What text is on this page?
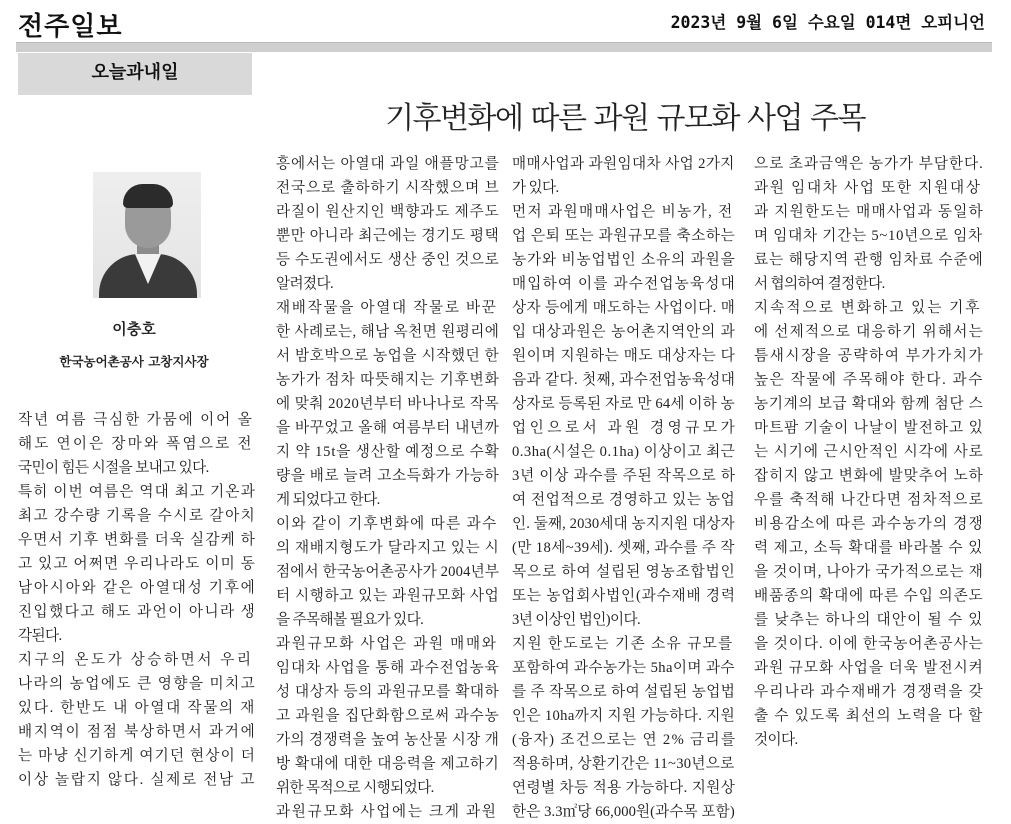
전주일보	2023년 9월 6일 수요일 014면 오피니언
오늘과내일
기후변화에 따른 과원 규모화 사업 주목
이충호
한국농어촌공사 고창지사장

작년 여름 극심한 가뭄에 이어 올

해도 연이은 장마와 폭염으로 전

국민이 힘든 시절을 보내고 있다.

특히 이번 여름은 역대 최고 기온과

최고 강수량 기록을 수시로 갈아치

우면서 기후 변화를 더욱 실감케 하

고 있고 어쩌면 우리나라도 이미 동

남아시아와 같은 아열대성 기후에

진입했다고 해도 과언이 아니라 생

각된다.

지구의 온도가 상승하면서 우리

나라의 농업에도 큰 영향을 미치고

있다. 한반도 내 아열대 작물의 재

배지역이 점점 북상하면서 과거에

는 마냥 신기하게 여기던 현상이 더

이상 놀랍지 않다. 실제로 전남 고

흥에서는 아열대 과일 애플망고를

전국으로 출하하기 시작했으며 브

라질이 원산지인 백향과도 제주도

뿐만 아니라 최근에는 경기도 평택

등 수도권에서도 생산 중인 것으로

알려졌다.

재배작물을 아열대 작물로 바꾼

한 사례로는, 해남 옥천면 원평리에

서 밤호박으로 농업을 시작했던 한

농가가 점차 따뜻해지는 기후변화

에 맞춰 2020년부터 바나나로 작목

을 바꾸었고 올해 여름부터 내년까

지 약 15t을 생산할 예정으로 수확

량을 배로 늘려 고소득화가 가능하

게 되었다고 한다.

이와 같이 기후변화에 따른 과수

의 재배지형도가 달라지고 있는 시

점에서 한국농어촌공사가 2004년부

터 시행하고 있는 과원규모화 사업

을 주목해볼 필요가 있다.

과원규모화 사업은 과원 매매와

임대차 사업을 통해 과수전업농육

성 대상자 등의 과원규모를 확대하

고 과원을 집단화함으로써 과수농

가의 경쟁력을 높여 농산물 시장 개

방 확대에 대한 대응력을 제고하기

위한 목적으로 시행되었다.

과원규모화 사업에는 크게 과원

매매사업과 과원임대차 사업 2가지

가 있다.

먼저 과원매매사업은 비농가, 전

업 은퇴 또는 과원규모를 축소하는

농가와 비농업법인 소유의 과원을

매입하여 이를 과수전업농육성대

상자 등에게 매도하는 사업이다. 매

입 대상과원은 농어촌지역안의 과

원이며 지원하는 매도 대상자는 다

음과 같다. 첫째, 과수전업농육성대

상자로 등록된 자로 만 64세 이하 농

업인으로서 과원 경영규모가

0.3ha(시설은 0.1ha) 이상이고 최근

3년 이상 과수를 주된 작목으로 하

여 전업적으로 경영하고 있는 농업

인. 둘째, 2030세대 농지지원 대상자

(만 18세~39세). 셋째, 과수를 주 작

목으로 하여 설립된 영농조합법인

또는 농업회사법인(과수재배 경력

3년 이상인 법인)이다.

지원 한도로는 기존 소유 규모를

포함하여 과수농가는 5ha이며 과수

를 주 작목으로 하여 설립된 농업법

인은 10ha까지 지원 가능하다. 지원

(융자) 조건으로는 연 2% 금리를

적용하며, 상환기간은 11~30년으로

연령별 차등 적용 가능하다. 지원상

한은 3.3㎡당 66,000원(과수목 포함)

으로 초과금액은 농가가 부담한다.

과원 임대차 사업 또한 지원대상

과 지원한도는 매매사업과 동일하

며 임대차 기간는 5~10년으로 임차

료는 해당지역 관행 임차료 수준에

서 협의하여 결정한다.

지속적으로 변화하고 있는 기후

에 선제적으로 대응하기 위해서는

틈새시장을 공략하여 부가가치가

높은 작물에 주목해야 한다. 과수

농기계의 보급 확대와 함께 첨단 스

마트팜 기술이 나날이 발전하고 있

는 시기에 근시안적인 시각에 사로

잡히지 않고 변화에 발맞추어 노하

우를 축적해 나간다면 점차적으로

비용감소에 따른 과수농가의 경쟁

력 제고, 소득 확대를 바라볼 수 있

을 것이며, 나아가 국가적으로는 재

배품종의 확대에 따른 수입 의존도

를 낮추는 하나의 대안이 될 수 있

을 것이다. 이에 한국농어촌공사는

과원 규모화 사업을 더욱 발전시켜

우리나라 과수재배가 경쟁력을 갖

출 수 있도록 최선의 노력을 다 할

것이다.
